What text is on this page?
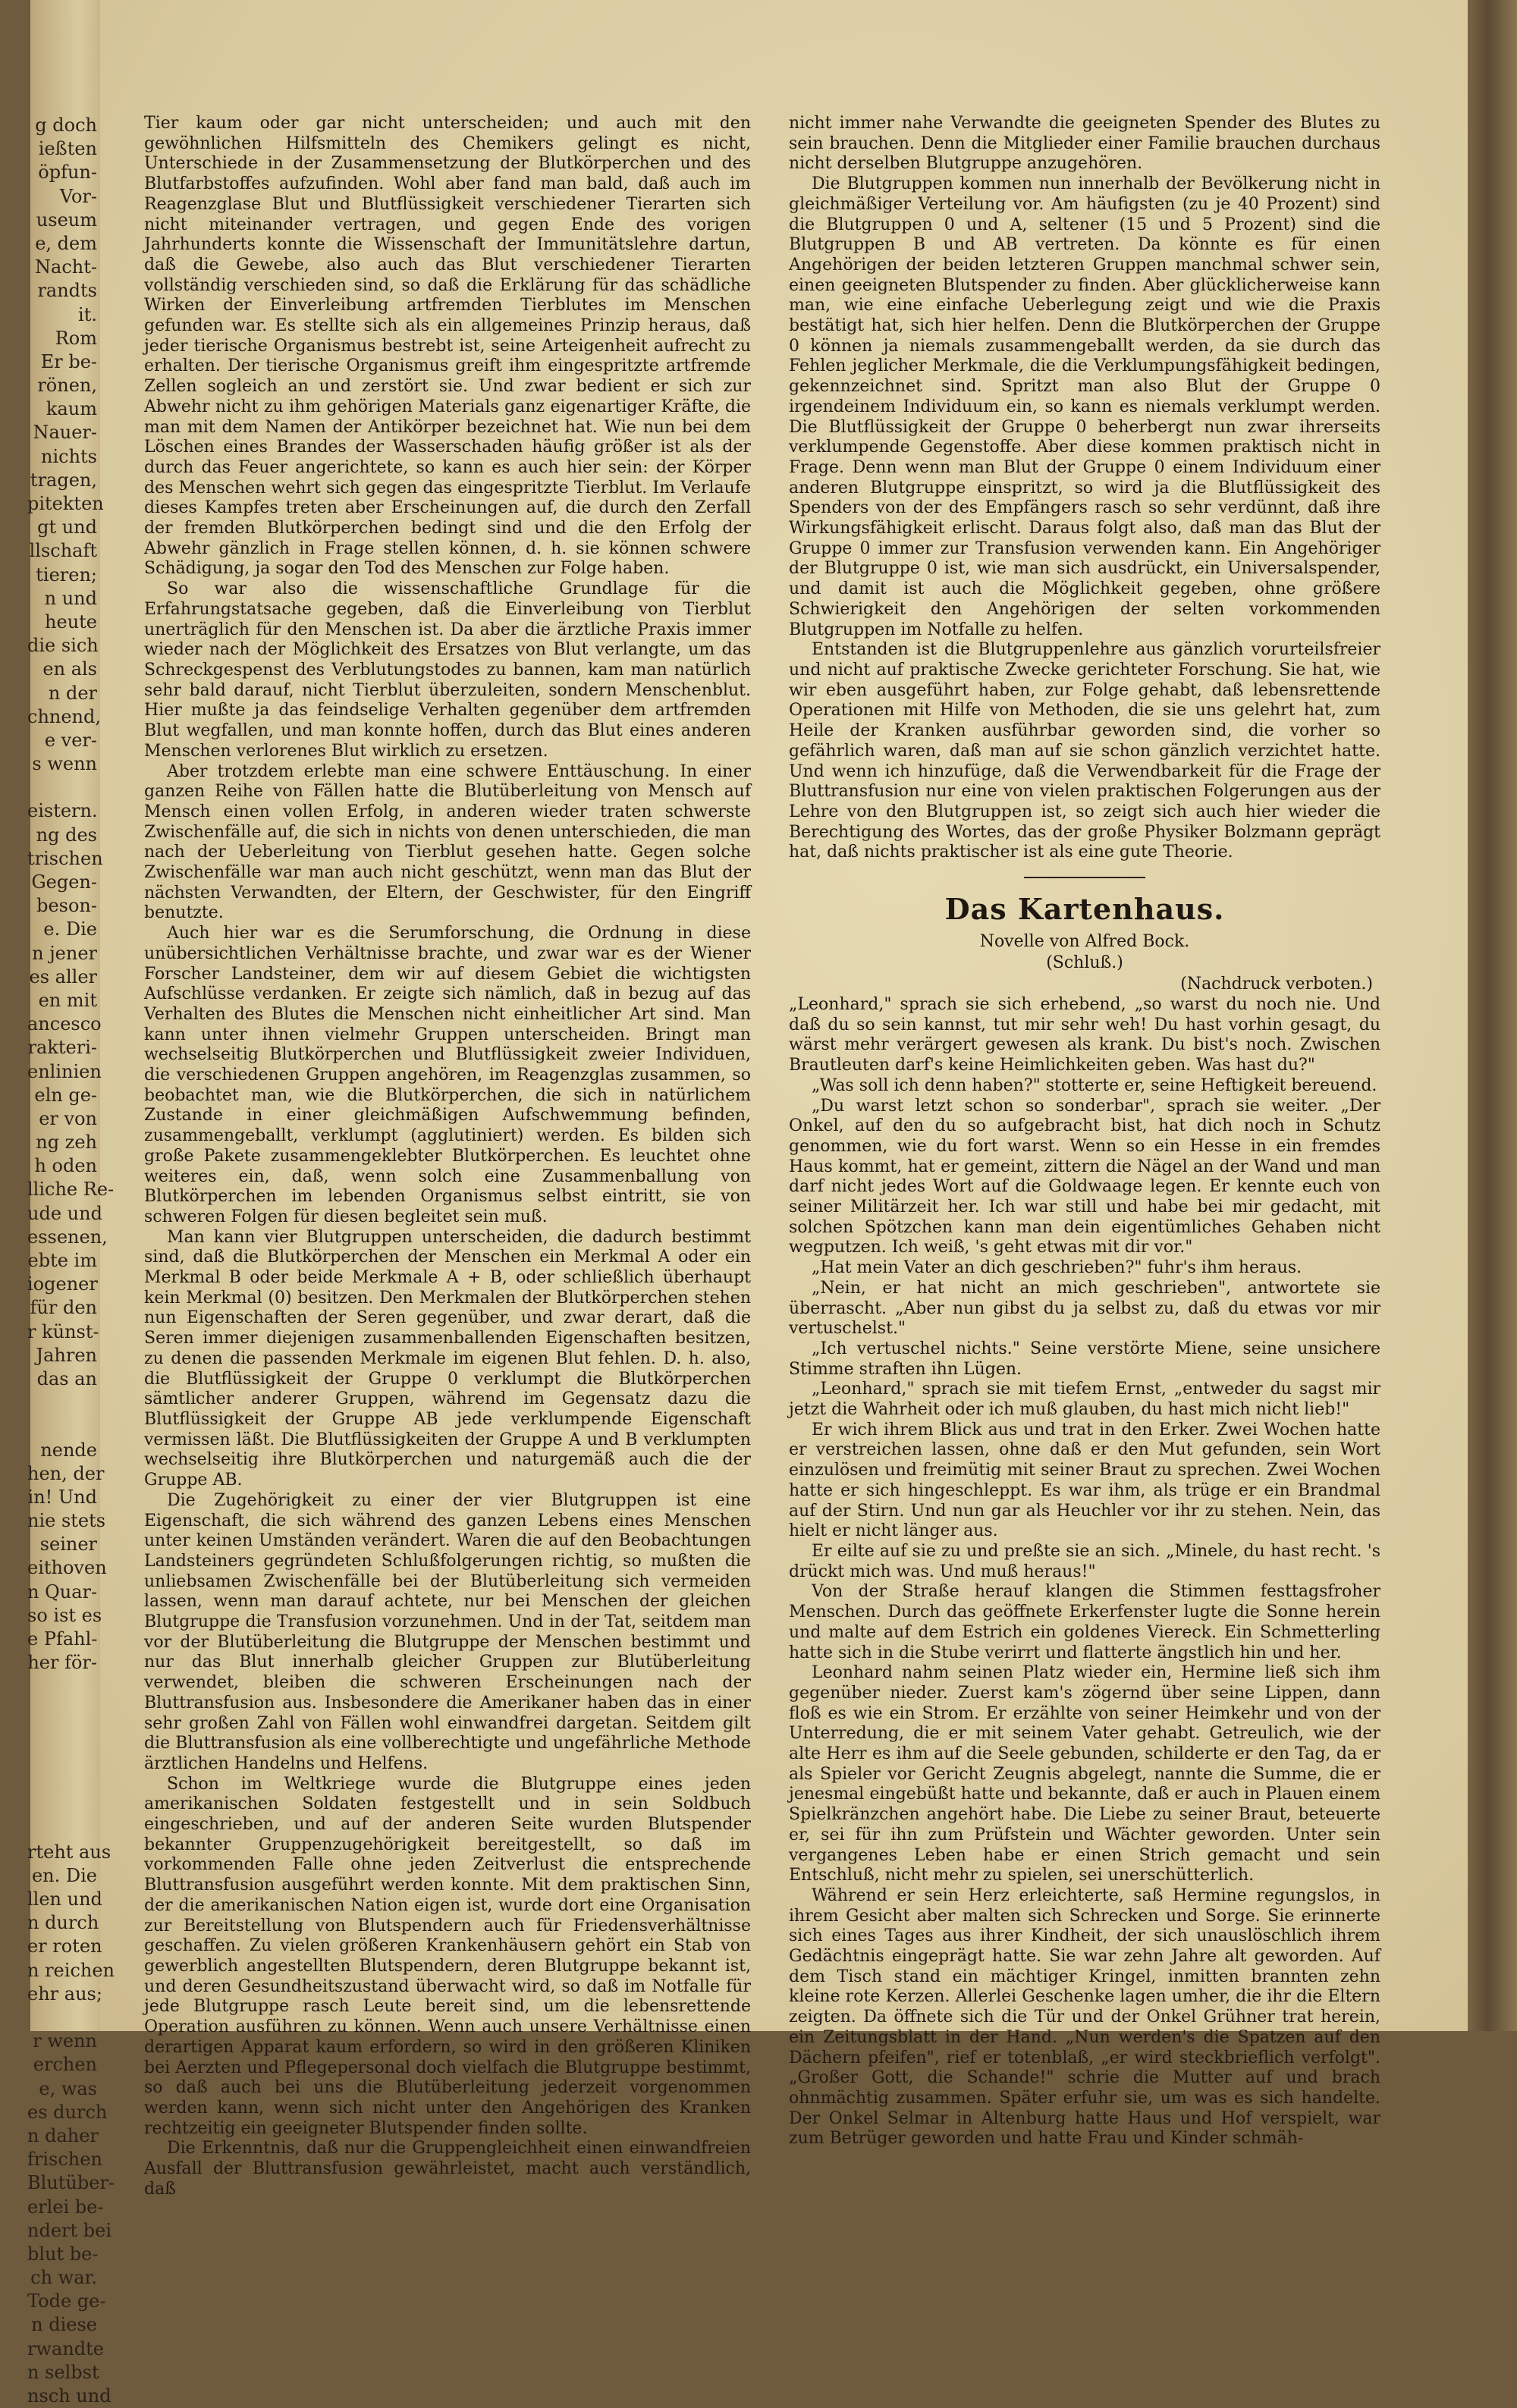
g doch
ießten
öpfun-
Vor-
useum
e, dem
Nacht-
randts
it.
Rom
Er be-
rönen,
kaum
Nauer-
nichts
tragen,
pitekten
gt und
llschaft
tieren;
n und
heute
die sich
en als
n der
chnend,
e ver-
s wenn
eistern.
ng des
trischen
Gegen-
beson-
e. Die
n jener
es aller
en mit
ancesco
rakteri-
enlinien
eln ge-
er von
ng zeh
h oden
lliche Re-
ude und
essenen,
ebte im
iogener
für den
r künst-
Jahren
das an
nende
hen, der
in! Und
nie stets
seiner
eithoven
n Quar-
so ist es
e Pfahl-
her för-
rteht aus
en. Die
llen und
n durch
er roten
n reichen
ehr aus;
r wenn
erchen
e, was
es durch
n daher
frischen
Blutüber-
erlei be-
ndert bei
blut be-
ch war.
Tode ge-
n diese
rwandte
n selbst
nsch und

Tier kaum oder gar nicht unterscheiden; und auch mit den gewöhnlichen Hilfsmitteln des Chemikers gelingt es nicht, Unterschiede in der Zusammensetzung der Blutkörperchen und des Blutfarbstoffes aufzufinden. Wohl aber fand man bald, daß auch im Reagenzglase Blut und Blutflüssigkeit verschiedener Tierarten sich nicht miteinander vertragen, und gegen Ende des vorigen Jahrhunderts konnte die Wissenschaft der Immunitätslehre dartun, daß die Gewebe, also auch das Blut verschiedener Tierarten vollständig verschieden sind, so daß die Erklärung für das schädliche Wirken der Einverleibung artfremden Tierblutes im Menschen gefunden war. Es stellte sich als ein allgemeines Prinzip heraus, daß jeder tierische Organismus bestrebt ist, seine Arteigenheit aufrecht zu erhalten. Der tierische Organismus greift ihm eingespritzte artfremde Zellen sogleich an und zerstört sie. Und zwar bedient er sich zur Abwehr nicht zu ihm gehörigen Materials ganz eigenartiger Kräfte, die man mit dem Namen der Antikörper bezeichnet hat. Wie nun bei dem Löschen eines Brandes der Wasserschaden häufig größer ist als der durch das Feuer angerichtete, so kann es auch hier sein: der Körper des Menschen wehrt sich gegen das eingespritzte Tierblut. Im Verlaufe dieses Kampfes treten aber Erscheinungen auf, die durch den Zerfall der fremden Blutkörperchen bedingt sind und die den Erfolg der Abwehr gänzlich in Frage stellen können, d. h. sie können schwere Schädigung, ja sogar den Tod des Menschen zur Folge haben.

So war also die wissenschaftliche Grundlage für die Erfahrungstatsache gegeben, daß die Einverleibung von Tierblut unerträglich für den Menschen ist. Da aber die ärztliche Praxis immer wieder nach der Möglichkeit des Ersatzes von Blut verlangte, um das Schreckgespenst des Verblutungstodes zu bannen, kam man natürlich sehr bald darauf, nicht Tierblut überzuleiten, sondern Menschenblut. Hier mußte ja das feindselige Verhalten gegenüber dem artfremden Blut wegfallen, und man konnte hoffen, durch das Blut eines anderen Menschen verlorenes Blut wirklich zu ersetzen.

Aber trotzdem erlebte man eine schwere Enttäuschung. In einer ganzen Reihe von Fällen hatte die Blutüberleitung von Mensch auf Mensch einen vollen Erfolg, in anderen wieder traten schwerste Zwischenfälle auf, die sich in nichts von denen unterschieden, die man nach der Ueberleitung von Tierblut gesehen hatte. Gegen solche Zwischenfälle war man auch nicht geschützt, wenn man das Blut der nächsten Verwandten, der Eltern, der Geschwister, für den Eingriff benutzte.

Auch hier war es die Serumforschung, die Ordnung in diese unübersichtlichen Verhältnisse brachte, und zwar war es der Wiener Forscher Landsteiner, dem wir auf diesem Gebiet die wichtigsten Aufschlüsse verdanken. Er zeigte sich nämlich, daß in bezug auf das Verhalten des Blutes die Menschen nicht einheitlicher Art sind. Man kann unter ihnen vielmehr Gruppen unterscheiden. Bringt man wechselseitig Blutkörperchen und Blutflüssigkeit zweier Individuen, die verschiedenen Gruppen angehören, im Reagenzglas zusammen, so beobachtet man, wie die Blutkörperchen, die sich in natürlichem Zustande in einer gleichmäßigen Aufschwemmung befinden, zusammengeballt, verklumpt (agglutiniert) werden. Es bilden sich große Pakete zusammengeklebter Blutkörperchen. Es leuchtet ohne weiteres ein, daß, wenn solch eine Zusammenballung von Blutkörperchen im lebenden Organismus selbst eintritt, sie von schweren Folgen für diesen begleitet sein muß.

Man kann vier Blutgruppen unterscheiden, die dadurch bestimmt sind, daß die Blutkörperchen der Menschen ein Merkmal A oder ein Merkmal B oder beide Merkmale A + B, oder schließlich überhaupt kein Merkmal (0) besitzen. Den Merkmalen der Blutkörperchen stehen nun Eigenschaften der Seren gegenüber, und zwar derart, daß die Seren immer diejenigen zusammenballenden Eigenschaften besitzen, zu denen die passenden Merkmale im eigenen Blut fehlen. D. h. also, die Blutflüssigkeit der Gruppe 0 verklumpt die Blutkörperchen sämtlicher anderer Gruppen, während im Gegensatz dazu die Blutflüssigkeit der Gruppe AB jede verklumpende Eigenschaft vermissen läßt. Die Blutflüssigkeiten der Gruppe A und B verklumpten wechselseitig ihre Blutkörperchen und naturgemäß auch die der Gruppe AB.

Die Zugehörigkeit zu einer der vier Blutgruppen ist eine Eigenschaft, die sich während des ganzen Lebens eines Menschen unter keinen Umständen verändert. Waren die auf den Beobachtungen Landsteiners gegründeten Schlußfolgerungen richtig, so mußten die unliebsamen Zwischenfälle bei der Blutüberleitung sich vermeiden lassen, wenn man darauf achtete, nur bei Menschen der gleichen Blutgruppe die Transfusion vorzunehmen. Und in der Tat, seitdem man vor der Blutüberleitung die Blutgruppe der Menschen bestimmt und nur das Blut innerhalb gleicher Gruppen zur Blutüberleitung verwendet, bleiben die schweren Erscheinungen nach der Bluttransfusion aus. Insbesondere die Amerikaner haben das in einer sehr großen Zahl von Fällen wohl einwandfrei dargetan. Seitdem gilt die Bluttransfusion als eine vollberechtigte und ungefährliche Methode ärztlichen Handelns und Helfens.

Schon im Weltkriege wurde die Blutgruppe eines jeden amerikanischen Soldaten festgestellt und in sein Soldbuch eingeschrieben, und auf der anderen Seite wurden Blutspender bekannter Gruppenzugehörigkeit bereitgestellt, so daß im vorkommenden Falle ohne jeden Zeitverlust die entsprechende Bluttransfusion ausgeführt werden konnte. Mit dem praktischen Sinn, der die amerikanischen Nation eigen ist, wurde dort eine Organisation zur Bereitstellung von Blutspendern auch für Friedensverhältnisse geschaffen. Zu vielen größeren Krankenhäusern gehört ein Stab von gewerblich angestellten Blutspendern, deren Blutgruppe bekannt ist, und deren Gesundheitszustand überwacht wird, so daß im Notfalle für jede Blutgruppe rasch Leute bereit sind, um die lebensrettende Operation ausführen zu können. Wenn auch unsere Verhältnisse einen derartigen Apparat kaum erfordern, so wird in den größeren Kliniken bei Aerzten und Pflegepersonal doch vielfach die Blutgruppe bestimmt, so daß auch bei uns die Blutüberleitung jederzeit vorgenommen werden kann, wenn sich nicht unter den Angehörigen des Kranken rechtzeitig ein geeigneter Blutspender finden sollte.

Die Erkenntnis, daß nur die Gruppengleichheit einen einwandfreien Ausfall der Bluttransfusion gewährleistet, macht auch verständlich, daß

nicht immer nahe Verwandte die geeigneten Spender des Blutes zu sein brauchen. Denn die Mitglieder einer Familie brauchen durchaus nicht derselben Blutgruppe anzugehören.

Die Blutgruppen kommen nun innerhalb der Bevölkerung nicht in gleichmäßiger Verteilung vor. Am häufigsten (zu je 40 Prozent) sind die Blutgruppen 0 und A, seltener (15 und 5 Prozent) sind die Blutgruppen B und AB vertreten. Da könnte es für einen Angehörigen der beiden letzteren Gruppen manchmal schwer sein, einen geeigneten Blutspender zu finden. Aber glücklicherweise kann man, wie eine einfache Ueberlegung zeigt und wie die Praxis bestätigt hat, sich hier helfen. Denn die Blutkörperchen der Gruppe 0 können ja niemals zusammengeballt werden, da sie durch das Fehlen jeglicher Merkmale, die die Verklumpungsfähigkeit bedingen, gekennzeichnet sind. Spritzt man also Blut der Gruppe 0 irgendeinem Individuum ein, so kann es niemals verklumpt werden. Die Blutflüssigkeit der Gruppe 0 beherbergt nun zwar ihrerseits verklumpende Gegenstoffe. Aber diese kommen praktisch nicht in Frage. Denn wenn man Blut der Gruppe 0 einem Individuum einer anderen Blutgruppe einspritzt, so wird ja die Blutflüssigkeit des Spenders von der des Empfängers rasch so sehr verdünnt, daß ihre Wirkungsfähigkeit erlischt. Daraus folgt also, daß man das Blut der Gruppe 0 immer zur Transfusion verwenden kann. Ein Angehöriger der Blutgruppe 0 ist, wie man sich ausdrückt, ein Universalspender, und damit ist auch die Möglichkeit gegeben, ohne größere Schwierigkeit den Angehörigen der selten vorkommenden Blutgruppen im Notfalle zu helfen.

Entstanden ist die Blutgruppenlehre aus gänzlich vorurteilsfreier und nicht auf praktische Zwecke gerichteter Forschung. Sie hat, wie wir eben ausgeführt haben, zur Folge gehabt, daß lebensrettende Operationen mit Hilfe von Methoden, die sie uns gelehrt hat, zum Heile der Kranken ausführbar geworden sind, die vorher so gefährlich waren, daß man auf sie schon gänzlich verzichtet hatte. Und wenn ich hinzufüge, daß die Verwendbarkeit für die Frage der Bluttransfusion nur eine von vielen praktischen Folgerungen aus der Lehre von den Blutgruppen ist, so zeigt sich auch hier wieder die Berechtigung des Wortes, das der große Physiker Bolzmann geprägt hat, daß nichts praktischer ist als eine gute Theorie.

Das Kartenhaus.
Novelle von Alfred Bock.
(Schluß.)
(Nachdruck verboten.)

„Leonhard," sprach sie sich erhebend, „so warst du noch nie. Und daß du so sein kannst, tut mir sehr weh! Du hast vorhin gesagt, du wärst mehr verärgert gewesen als krank. Du bist's noch. Zwischen Brautleuten darf's keine Heimlichkeiten geben. Was hast du?"

„Was soll ich denn haben?" stotterte er, seine Heftigkeit bereuend.

„Du warst letzt schon so sonderbar", sprach sie weiter. „Der Onkel, auf den du so aufgebracht bist, hat dich noch in Schutz genommen, wie du fort warst. Wenn so ein Hesse in ein fremdes Haus kommt, hat er gemeint, zittern die Nägel an der Wand und man darf nicht jedes Wort auf die Goldwaage legen. Er kennte euch von seiner Militärzeit her. Ich war still und habe bei mir gedacht, mit solchen Spötzchen kann man dein eigentümliches Gehaben nicht wegputzen. Ich weiß, 's geht etwas mit dir vor."

„Hat mein Vater an dich geschrieben?" fuhr's ihm heraus.

„Nein, er hat nicht an mich geschrieben", antwortete sie überrascht. „Aber nun gibst du ja selbst zu, daß du etwas vor mir vertuschelst."

„Ich vertuschel nichts." Seine verstörte Miene, seine unsichere Stimme straften ihn Lügen.

„Leonhard," sprach sie mit tiefem Ernst, „entweder du sagst mir jetzt die Wahrheit oder ich muß glauben, du hast mich nicht lieb!"

Er wich ihrem Blick aus und trat in den Erker. Zwei Wochen hatte er verstreichen lassen, ohne daß er den Mut gefunden, sein Wort einzulösen und freimütig mit seiner Braut zu sprechen. Zwei Wochen hatte er sich hingeschleppt. Es war ihm, als trüge er ein Brandmal auf der Stirn. Und nun gar als Heuchler vor ihr zu stehen. Nein, das hielt er nicht länger aus.

Er eilte auf sie zu und preßte sie an sich. „Minele, du hast recht. 's drückt mich was. Und muß heraus!"

Von der Straße herauf klangen die Stimmen festtagsfroher Menschen. Durch das geöffnete Erkerfenster lugte die Sonne herein und malte auf dem Estrich ein goldenes Viereck. Ein Schmetterling hatte sich in die Stube verirrt und flatterte ängstlich hin und her.

Leonhard nahm seinen Platz wieder ein, Hermine ließ sich ihm gegenüber nieder. Zuerst kam's zögernd über seine Lippen, dann floß es wie ein Strom. Er erzählte von seiner Heimkehr und von der Unterredung, die er mit seinem Vater gehabt. Getreulich, wie der alte Herr es ihm auf die Seele gebunden, schilderte er den Tag, da er als Spieler vor Gericht Zeugnis abgelegt, nannte die Summe, die er jenesmal eingebüßt hatte und bekannte, daß er auch in Plauen einem Spielkränzchen angehört habe. Die Liebe zu seiner Braut, beteuerte er, sei für ihn zum Prüfstein und Wächter geworden. Unter sein vergangenes Leben habe er einen Strich gemacht und sein Entschluß, nicht mehr zu spielen, sei unerschütterlich.

Während er sein Herz erleichterte, saß Hermine regungslos, in ihrem Gesicht aber malten sich Schrecken und Sorge. Sie erinnerte sich eines Tages aus ihrer Kindheit, der sich unauslöschlich ihrem Gedächtnis eingeprägt hatte. Sie war zehn Jahre alt geworden. Auf dem Tisch stand ein mächtiger Kringel, inmitten brannten zehn kleine rote Kerzen. Allerlei Geschenke lagen umher, die ihr die Eltern zeigten. Da öffnete sich die Tür und der Onkel Grühner trat herein, ein Zeitungsblatt in der Hand. „Nun werden's die Spatzen auf den Dächern pfeifen", rief er totenblaß, „er wird steckbrieflich verfolgt". „Großer Gott, die Schande!" schrie die Mutter auf und brach ohnmächtig zusammen. Später erfuhr sie, um was es sich handelte. Der Onkel Selmar in Altenburg hatte Haus und Hof verspielt, war zum Betrüger geworden und hatte Frau und Kinder schmäh-
